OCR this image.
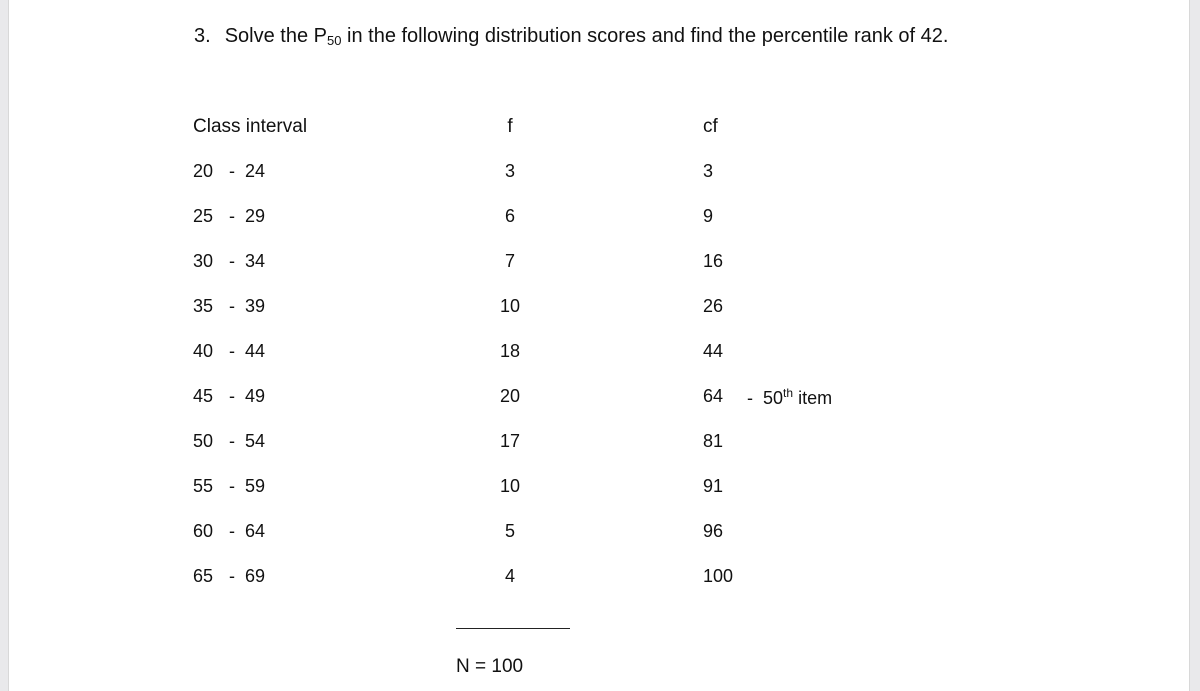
3. Solve the $P_{50}$ in the following distribution scores and find the percentile rank of 42.
Class interval	f	cf
20 - 24	3	3
25 - 29	6	9
30 - 34	7	16
35 - 39	10	26
40 - 44	18	44
45 - 49	20	64 - 50th item
50 - 54	17	81
55 - 59	10	91
60 - 64	5	96
65 - 69	4	100
N = 100
